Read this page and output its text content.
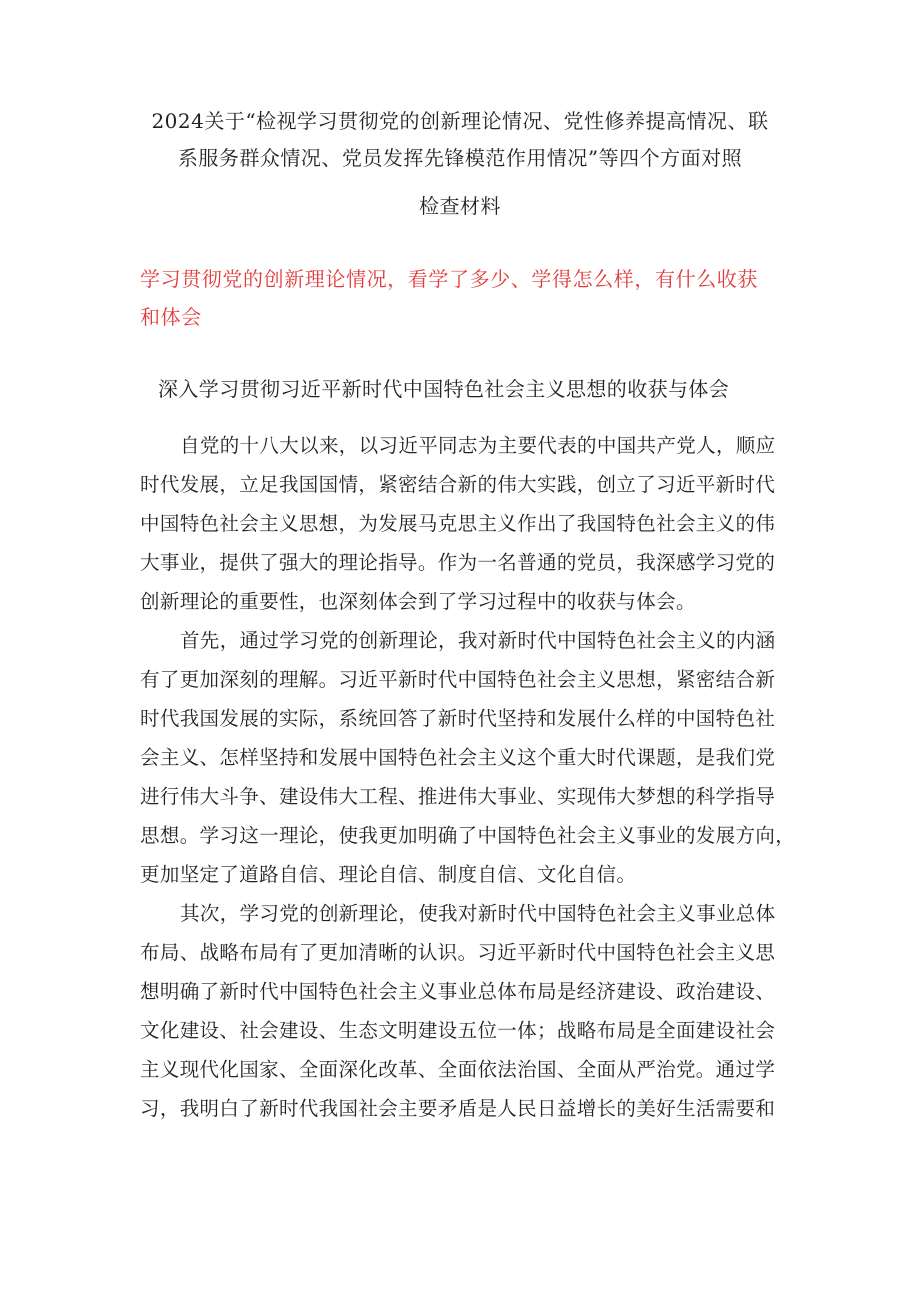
2024关于“检视学习贯彻党的创新理论情况、党性修养提高情况、联
系服务群众情况、党员发挥先锋模范作用情况”等四个方面对照
检查材料
学习贯彻党的创新理论情况，看学了多少、学得怎么样，有什么收获
和体会
深入学习贯彻习近平新时代中国特色社会主义思想的收获与体会
自党的十八大以来，以习近平同志为主要代表的中国共产党人，顺应
时代发展，立足我国国情，紧密结合新的伟大实践，创立了习近平新时代
中国特色社会主义思想，为发展马克思主义作出了我国特色社会主义的伟
大事业，提供了强大的理论指导。作为一名普通的党员，我深感学习党的
创新理论的重要性，也深刻体会到了学习过程中的收获与体会。
首先，通过学习党的创新理论，我对新时代中国特色社会主义的内涵
有了更加深刻的理解。习近平新时代中国特色社会主义思想，紧密结合新
时代我国发展的实际，系统回答了新时代坚持和发展什么样的中国特色社
会主义、怎样坚持和发展中国特色社会主义这个重大时代课题，是我们党
进行伟大斗争、建设伟大工程、推进伟大事业、实现伟大梦想的科学指导
思想。学习这一理论，使我更加明确了中国特色社会主义事业的发展方向，
更加坚定了道路自信、理论自信、制度自信、文化自信。
其次，学习党的创新理论，使我对新时代中国特色社会主义事业总体
布局、战略布局有了更加清晰的认识。习近平新时代中国特色社会主义思
想明确了新时代中国特色社会主义事业总体布局是经济建设、政治建设、
文化建设、社会建设、生态文明建设五位一体；战略布局是全面建设社会
主义现代化国家、全面深化改革、全面依法治国、全面从严治党。通过学
习，我明白了新时代我国社会主要矛盾是人民日益增长的美好生活需要和
